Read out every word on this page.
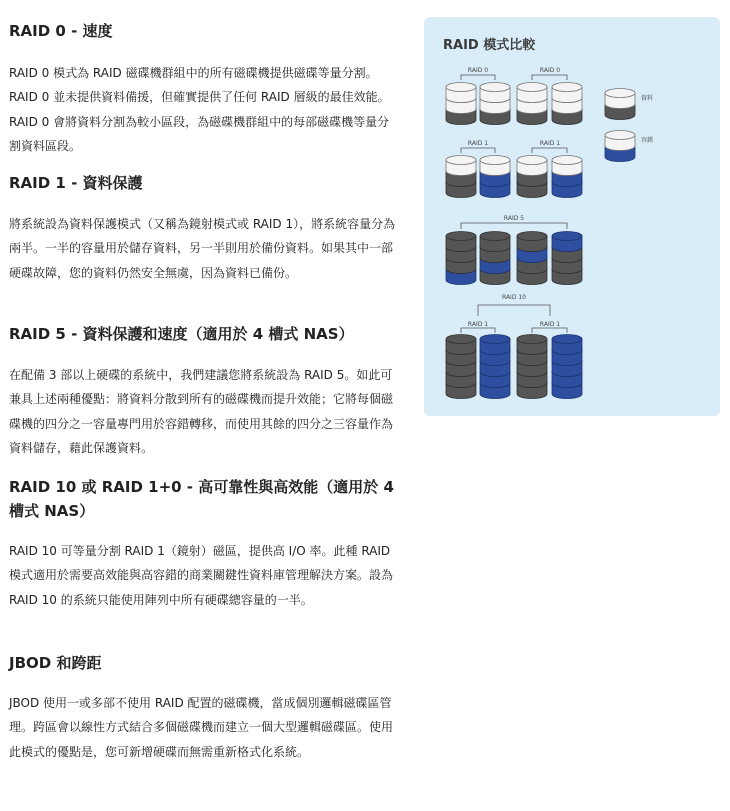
RAID 0 - 速度

RAID 0 模式為 RAID 磁碟機群組中的所有磁碟機提供磁碟等量分割。RAID 0 並未提供資料備援，但確實提供了任何 RAID 層級的最佳效能。RAID 0 會將資料分割為較小區段，為磁碟機群組中的每部磁碟機等量分割資料區段。

RAID 1 - 資料保護

將系統設為資料保護模式（又稱為鏡射模式或 RAID 1），將系統容量分為兩半。一半的容量用於儲存資料，另一半則用於備份資料。如果其中一部硬碟故障，您的資料仍然安全無虞，因為資料已備份。

RAID 5 - 資料保護和速度（適用於 4 槽式 NAS）

在配備 3 部以上硬碟的系統中，我們建議您將系統設為 RAID 5。如此可兼具上述兩種優點：將資料分散到所有的磁碟機而提升效能；它將每個磁碟機的四分之一容量專門用於容錯轉移，而使用其餘的四分之三容量作為資料儲存，藉此保護資料。

RAID 10 或 RAID 1+0 - 高可靠性與高效能（適用於 4 槽式 NAS）

RAID 10 可等量分割 RAID 1（鏡射）磁區，提供高 I/O 率。此種 RAID 模式適用於需要高效能與高容錯的商業關鍵性資料庫管理解決方案。設為 RAID 10 的系統只能使用陣列中所有硬碟總容量的一半。

JBOD 和跨距

JBOD 使用一或多部不使用 RAID 配置的磁碟機，當成個別邏輯磁碟區管理。跨區會以線性方式結合多個磁碟機而建立一個大型邏輯磁碟區。使用此模式的優點是，您可新增硬碟而無需重新格式化系統。

RAID 模式比較
RAID 0	RAID 0
RAID 1	RAID 1
RAID 5
RAID 10
RAID 1	RAID 1
資料
容錯
